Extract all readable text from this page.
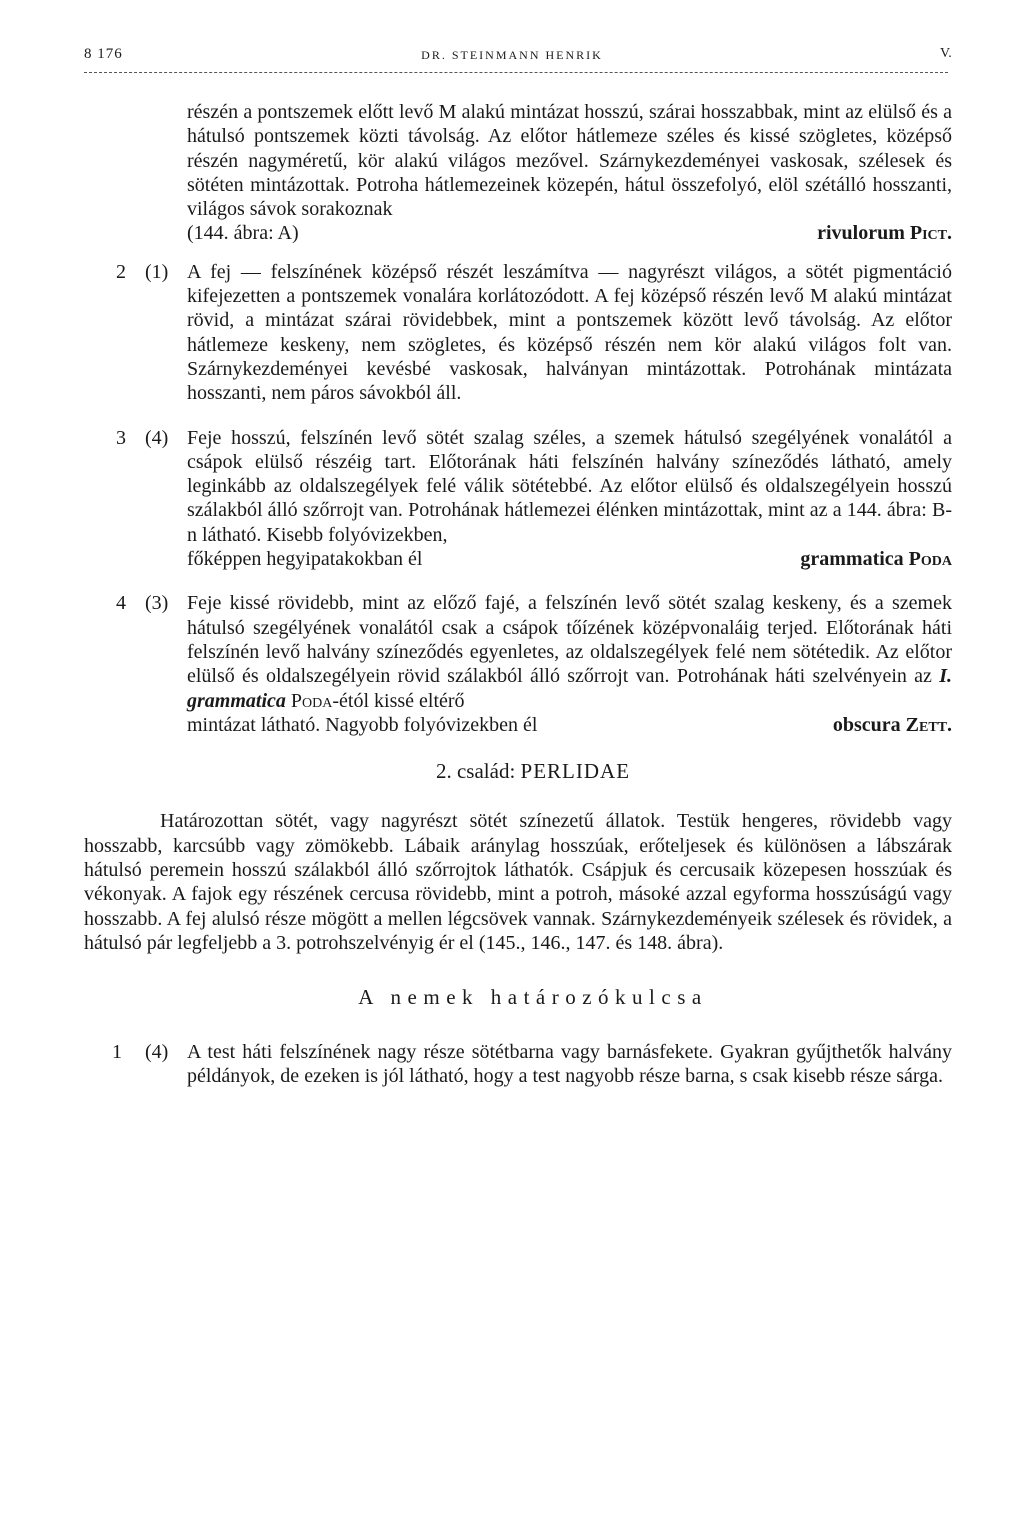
8 176	DR. STEINMANN HENRIK	V.
részén a pontszemek előtt levő M alakú mintázat hosszú, szárai hosszabbak, mint az elülső és a hátulsó pontszemek közti távolság. Az előtor hátlemeze széles és kissé szögletes, középső részén nagyméretű, kör alakú világos mezővel. Szárnykezdeményei vaskosak, szélesek és sötéten mintázottak. Potroha hátlemezeinek közepén, hátul összefolyó, elöl szétálló hosszanti, világos sávok sorakoznak
(144. ábra: A)	rivulorum Pict.
2 (1) A fej — felszínének középső részét leszámítva — nagyrészt világos, a sötét pigmentáció kifejezetten a pontszemek vonalára korlátozódott. A fej középső részén levő M alakú mintázat rövid, a mintázat szárai rövidebbek, mint a pontszemek között levő távolság. Az előtor hátlemeze keskeny, nem szögletes, és középső részén nem kör alakú világos folt van. Szárnykezdeményei kevésbé vaskosak, halványan mintázottak. Potrohának mintázata hosszanti, nem páros sávokból áll.
3 (4) Feje hosszú, felszínén levő sötét szalag széles, a szemek hátulsó szegélyének vonalától a csápok elülső részéig tart. Előtorának háti felszínén halvány színeződés látható, amely leginkább az oldalszegélyek felé válik sötétebbé. Az előtor elülső és oldalszegélyein hosszú szálakból álló szőrrojt van. Potrohának hátlemezei élénken mintázottak, mint az a 144. ábra: B-n látható. Kisebb folyóvizekben,
főképpen hegyipatakokban él	grammatica Poda
4 (3) Feje kissé rövidebb, mint az előző fajé, a felszínén levő sötét szalag keskeny, és a szemek hátulsó szegélyének vonalától csak a csápok tőízének középvonaláig terjed. Előtorának háti felszínén levő halvány színeződés egyenletes, az oldalszegélyek felé nem sötétedik. Az előtor elülső és oldalszegélyein rövid szálakból álló szőrrojt van. Potrohának háti szelvényein az I. grammatica Poda-étól kissé eltérő
mintázat látható. Nagyobb folyóvizekben él	obscura Zett.
2. család: PERLIDAE
Határozottan sötét, vagy nagyrészt sötét színezetű állatok. Testük hengeres, rövidebb vagy hosszabb, karcsúbb vagy zömökebb. Lábaik aránylag hosszúak, erőteljesek és különösen a lábszárak hátulsó peremein hosszú szálakból álló szőrrojtok láthatók. Csápjuk és cercusaik közepesen hosszúak és vékonyak. A fajok egy részének cercusa rövidebb, mint a potroh, másoké azzal egyforma hosszúságú vagy hosszabb. A fej alulsó része mögött a mellen légcsövek vannak. Szárnykezdeményeik szélesek és rövidek, a hátulsó pár legfeljebb a 3. potrohszelvényig ér el (145., 146., 147. és 148. ábra).
A nemek határozókulcsa
1 (4) A test háti felszínének nagy része sötétbarna vagy barnásfekete. Gyakran gyűjthetők halvány példányok, de ezeken is jól látható, hogy a test nagyobb része barna, s csak kisebb része sárga.
